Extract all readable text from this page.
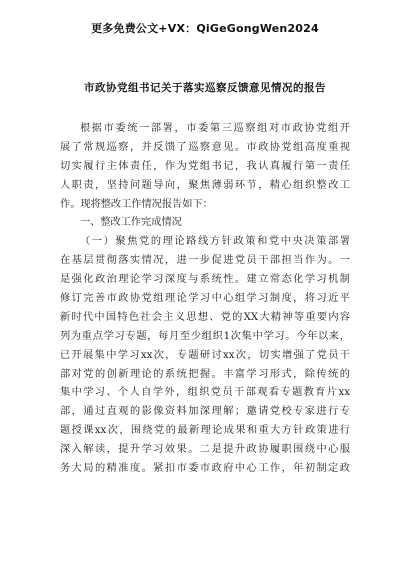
更多免费公文+VX：QiGeGongWen2024
市政协党组书记关于落实巡察反馈意见情况的报告
根据市委统一部署，市委第三巡察组对市政协党组开
展了常规巡察，并反馈了巡察意见。市政协党组高度重视
切实履行主体责任，作为党组书记，我认真履行第一责任
人职责，坚持问题导向，聚焦薄弱环节，精心组织整改工
作。现将整改工作情况报告如下：
一、整改工作完成情况
（一）聚焦党的理论路线方针政策和党中央决策部署
在基层贯彻落实情况，进一步促进党员干部担当作为。一
是强化政治理论学习深度与系统性。建立常态化学习机制
修订完善市政协党组理论学习中心组学习制度，将习近平
新时代中国特色社会主义思想、党的XX大精神等重要内容
列为重点学习专题，每月至少组织1次集中学习。今年以来，
已开展集中学习xx次，专题研讨xx次，切实增强了党员干
部对党的创新理论的系统把握。丰富学习形式，除传统的
集中学习、个人自学外，组织党员干部观看专题教育片xx
部，通过直观的影像资料加深理解；邀请党校专家进行专
题授课xx次，围绕党的最新理论成果和重大方针政策进行
深入解读，提升学习效果。二是提升政协履职围绕中心服
务大局的精准度。紧扣市委市政府中心工作，年初制定政
